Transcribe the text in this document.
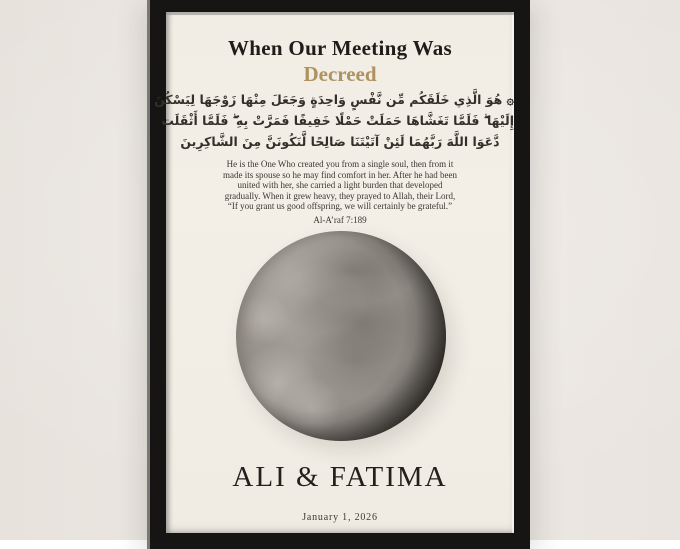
When Our Meeting Was
Decreed
۞ هُوَ الَّذِي خَلَقَكُم مِّن نَّفْسٍ وَاحِدَةٍ وَجَعَلَ مِنْهَا زَوْجَهَا لِيَسْكُنَ
إِلَيْهَا ۖ فَلَمَّا تَغَشَّاهَا حَمَلَتْ حَمْلًا خَفِيفًا فَمَرَّتْ بِهِ ۖ فَلَمَّا أَثْقَلَت
دَّعَوَا اللَّهَ رَبَّهُمَا لَئِنْ آتَيْتَنَا صَالِحًا لَّنَكُونَنَّ مِنَ الشَّاكِرِينَ
He is the One Who created you from a single soul, then from it
made its spouse so he may find comfort in her. After he had been
united with her, she carried a light burden that developed
gradually. When it grew heavy, they prayed to Allah, their Lord,
“If you grant us good offspring, we will certainly be grateful.”
Al-A’raf 7:189
ALI & FATIMA
January 1, 2026
